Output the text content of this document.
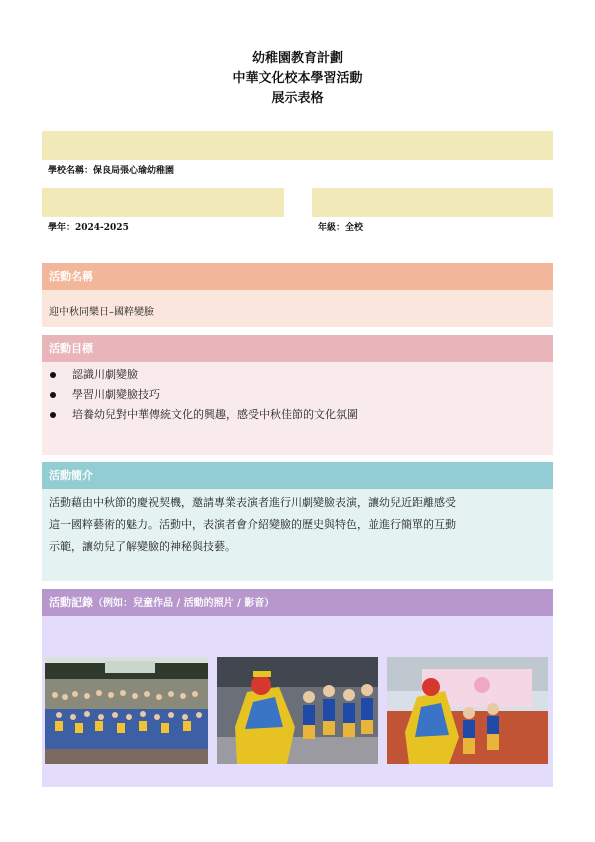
幼稚園教育計劃
中華文化校本學習活動
展示表格
學校名稱：保良局張心瑜幼稚園
學年：2024-2025	年級：全校
活動名稱
迎中秋同樂日–國粹變臉
活動目標
認識川劇變臉
學習川劇變臉技巧
培養幼兒對中華傳統文化的興趣，感受中秋佳節的文化氛圍
活動簡介
活動藉由中秋節的慶祝契機，邀請專業表演者進行川劇變臉表演，讓幼兒近距離感受
這一國粹藝術的魅力。活動中，表演者會介紹變臉的歷史與特色，並進行簡單的互動
示範，讓幼兒了解變臉的神秘與技藝。
活動記錄（例如：兒童作品 / 活動的照片 / 影音）
